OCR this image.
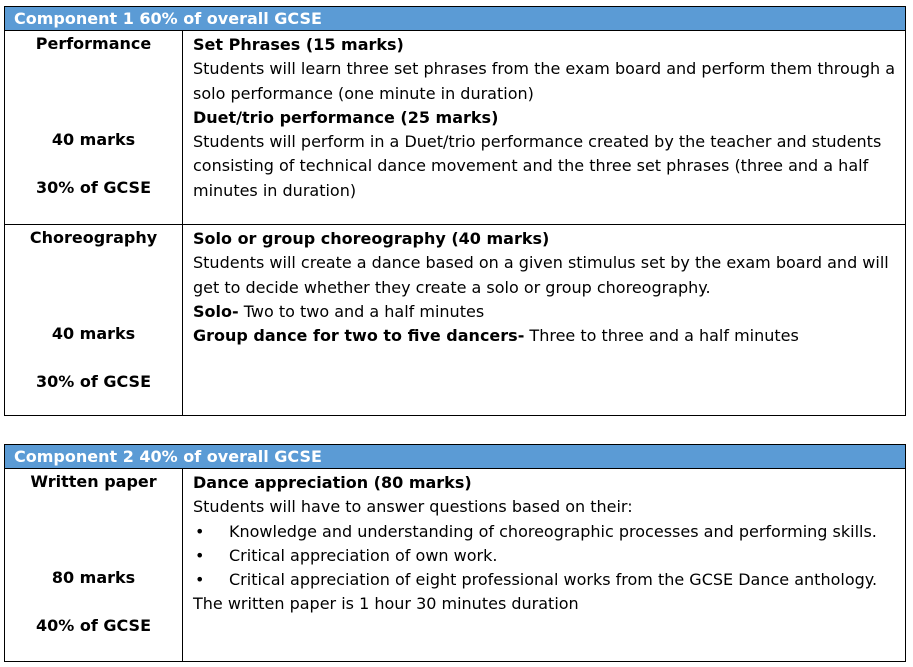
Component 1 60% of overall GCSE
Performance
40 marks
30% of GCSE
Set Phrases (15 marks)
Students will learn three set phrases from the exam board and perform them through a solo performance (one minute in duration)
Duet/trio performance (25 marks)
Students will perform in a Duet/trio performance created by the teacher and students consisting of technical dance movement and the three set phrases (three and a half minutes in duration)
Choreography
40 marks
30% of GCSE
Solo or group choreography (40 marks)
Students will create a dance based on a given stimulus set by the exam board and will get to decide whether they create a solo or group choreography.
Solo- Two to two and a half minutes
Group dance for two to five dancers- Three to three and a half minutes
Component 2 40% of overall GCSE
Written paper
80 marks
40% of GCSE
Dance appreciation (80 marks)
Students will have to answer questions based on their:
• Knowledge and understanding of choreographic processes and performing skills.
• Critical appreciation of own work.
• Critical appreciation of eight professional works from the GCSE Dance anthology.
The written paper is 1 hour 30 minutes duration
